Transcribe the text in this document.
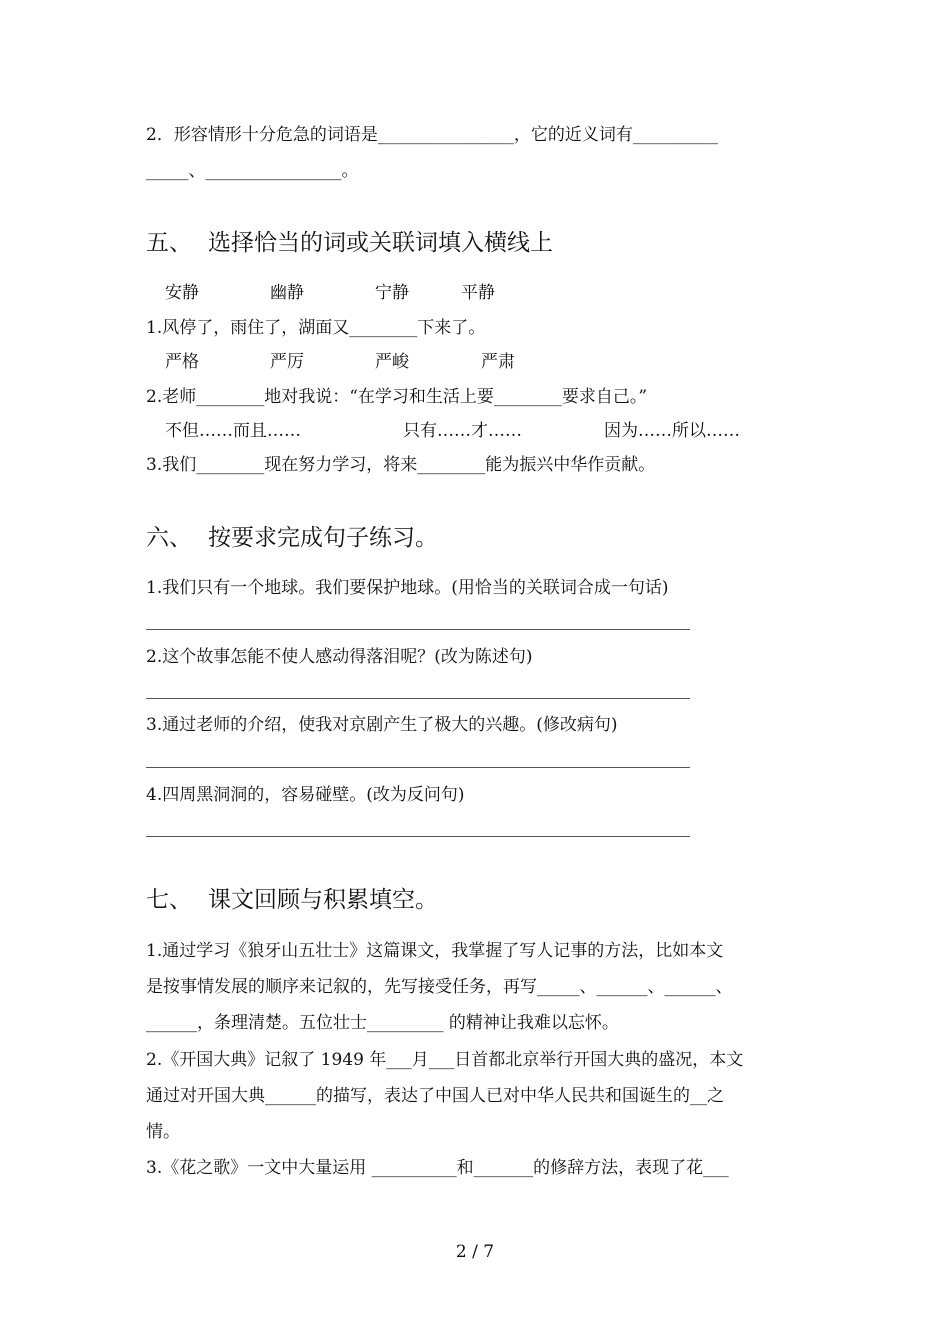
2．形容情形十分危急的词语是________________，它的近义词有__________
_____、________________。
五、 选择恰当的词或关联词填入横线上
安静	幽静	宁静	平静
1.风停了，雨住了，湖面又________下来了。
严格	严厉	严峻	严肃
2.老师________地对我说：“在学习和生活上要________要求自己。”
不但……而且……	只有……才……	因为……所以……
3.我们________现在努力学习，将来________能为振兴中华作贡献。
六、 按要求完成句子练习。
1.我们只有一个地球。我们要保护地球。(用恰当的关联词合成一句话)
2.这个故事怎能不使人感动得落泪呢？(改为陈述句)
3.通过老师的介绍，使我对京剧产生了极大的兴趣。(修改病句)
4.四周黑洞洞的，容易碰壁。(改为反问句)
七、 课文回顾与积累填空。
1.通过学习《狼牙山五壮士》这篇课文，我掌握了写人记事的方法，比如本文
是按事情发展的顺序来记叙的，先写接受任务，再写_____、______、______、
______，条理清楚。五位壮士_________ 的精神让我难以忘怀。
2.《开国大典》记叙了 1949 年___月___日首都北京举行开国大典的盛况，本文
通过对开国大典______的描写，表达了中国人已对中华人民共和国诞生的__之
情。
3.《花之歌》一文中大量运用 __________和_______的修辞方法，表现了花___
2 / 7
